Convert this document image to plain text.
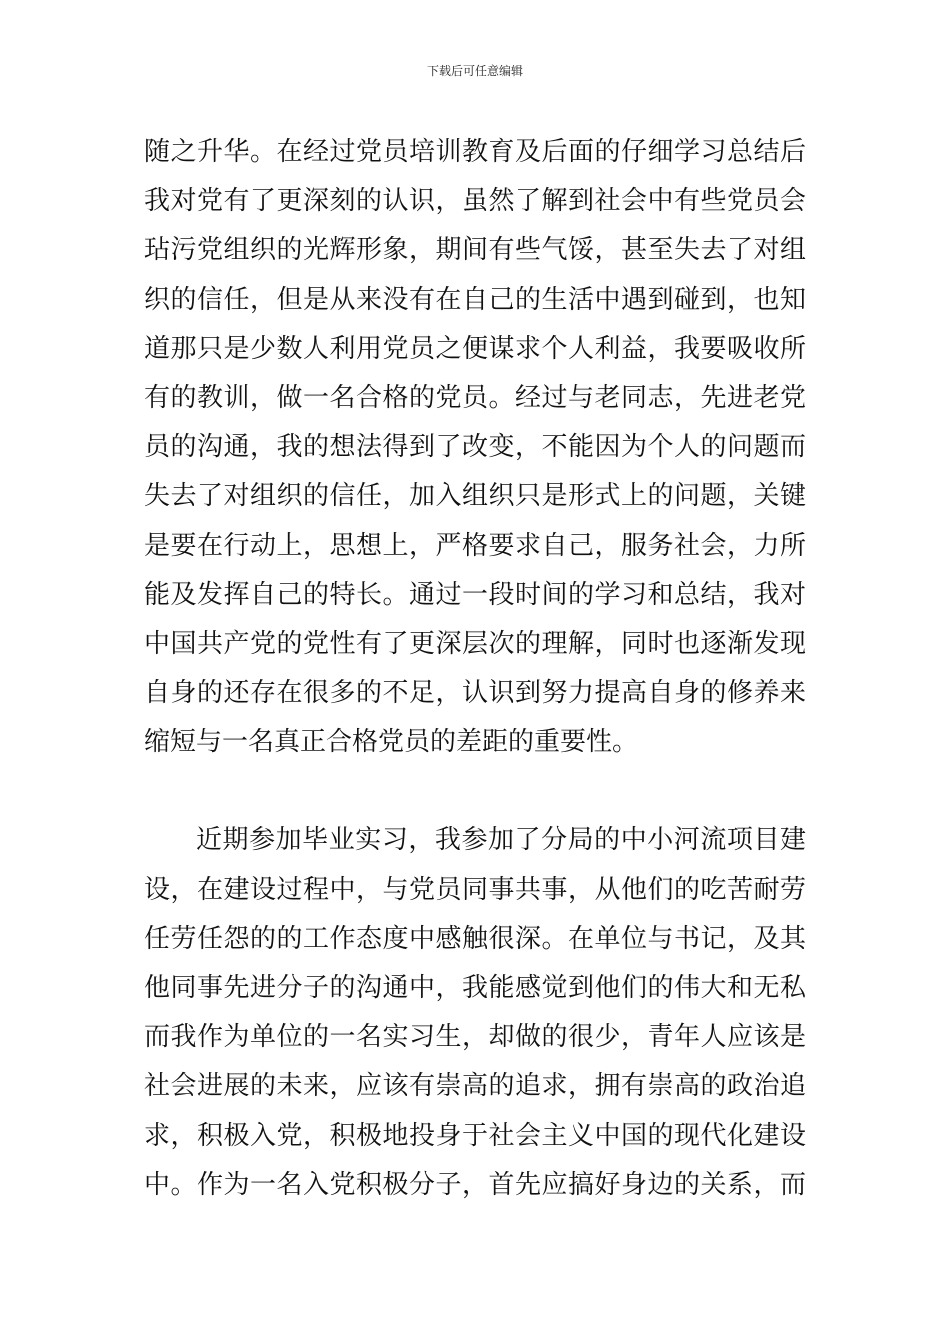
下载后可任意编辑
随之升华。在经过党员培训教育及后面的仔细学习总结后
我对党有了更深刻的认识，虽然了解到社会中有些党员会
玷污党组织的光辉形象，期间有些气馁，甚至失去了对组
织的信任，但是从来没有在自己的生活中遇到碰到，也知
道那只是少数人利用党员之便谋求个人利益，我要吸收所
有的教训，做一名合格的党员。经过与老同志，先进老党
员的沟通，我的想法得到了改变，不能因为个人的问题而
失去了对组织的信任，加入组织只是形式上的问题，关键
是要在行动上，思想上，严格要求自己，服务社会，力所
能及发挥自己的特长。通过一段时间的学习和总结，我对
中国共产党的党性有了更深层次的理解，同时也逐渐发现
自身的还存在很多的不足，认识到努力提高自身的修养来
缩短与一名真正合格党员的差距的重要性。
近期参加毕业实习，我参加了分局的中小河流项目建
设，在建设过程中，与党员同事共事，从他们的吃苦耐劳
任劳任怨的的工作态度中感触很深。在单位与书记，及其
他同事先进分子的沟通中，我能感觉到他们的伟大和无私
而我作为单位的一名实习生，却做的很少，青年人应该是
社会进展的未来，应该有崇高的追求，拥有崇高的政治追
求，积极入党，积极地投身于社会主义中国的现代化建设
中。作为一名入党积极分子，首先应搞好身边的关系，而
